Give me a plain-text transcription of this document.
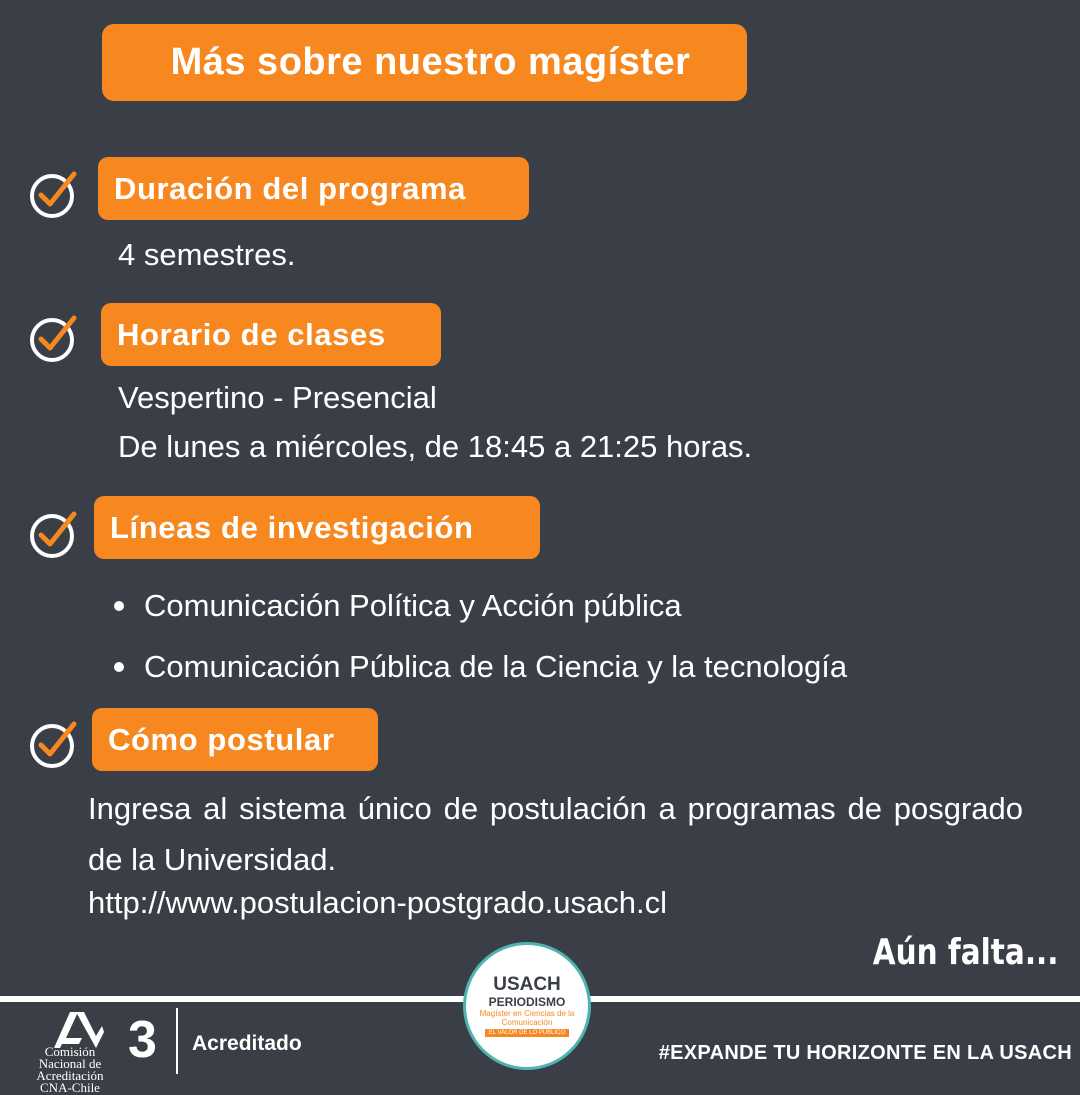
Más sobre nuestro magíster
Duración del programa
4 semestres.
Horario de clases
Vespertino - Presencial
De lunes a miércoles, de 18:45 a 21:25 horas.
Líneas de investigación
Comunicación Política y Acción pública
Comunicación Pública de la Ciencia y la tecnología
Cómo postular
Ingresa al sistema único de postulación a programas de posgrado de la Universidad.
http://www.postulacion-postgrado.usach.cl
Aún falta...
USACH
PERIODISMO
Magíster en Ciencias de la Comunicación
EL VALOR DE LO PÚBLICO
Comisión Nacional de Acreditación CNA-Chile
3 Acreditado	#EXPANDE TU HORIZONTE EN LA USACH
